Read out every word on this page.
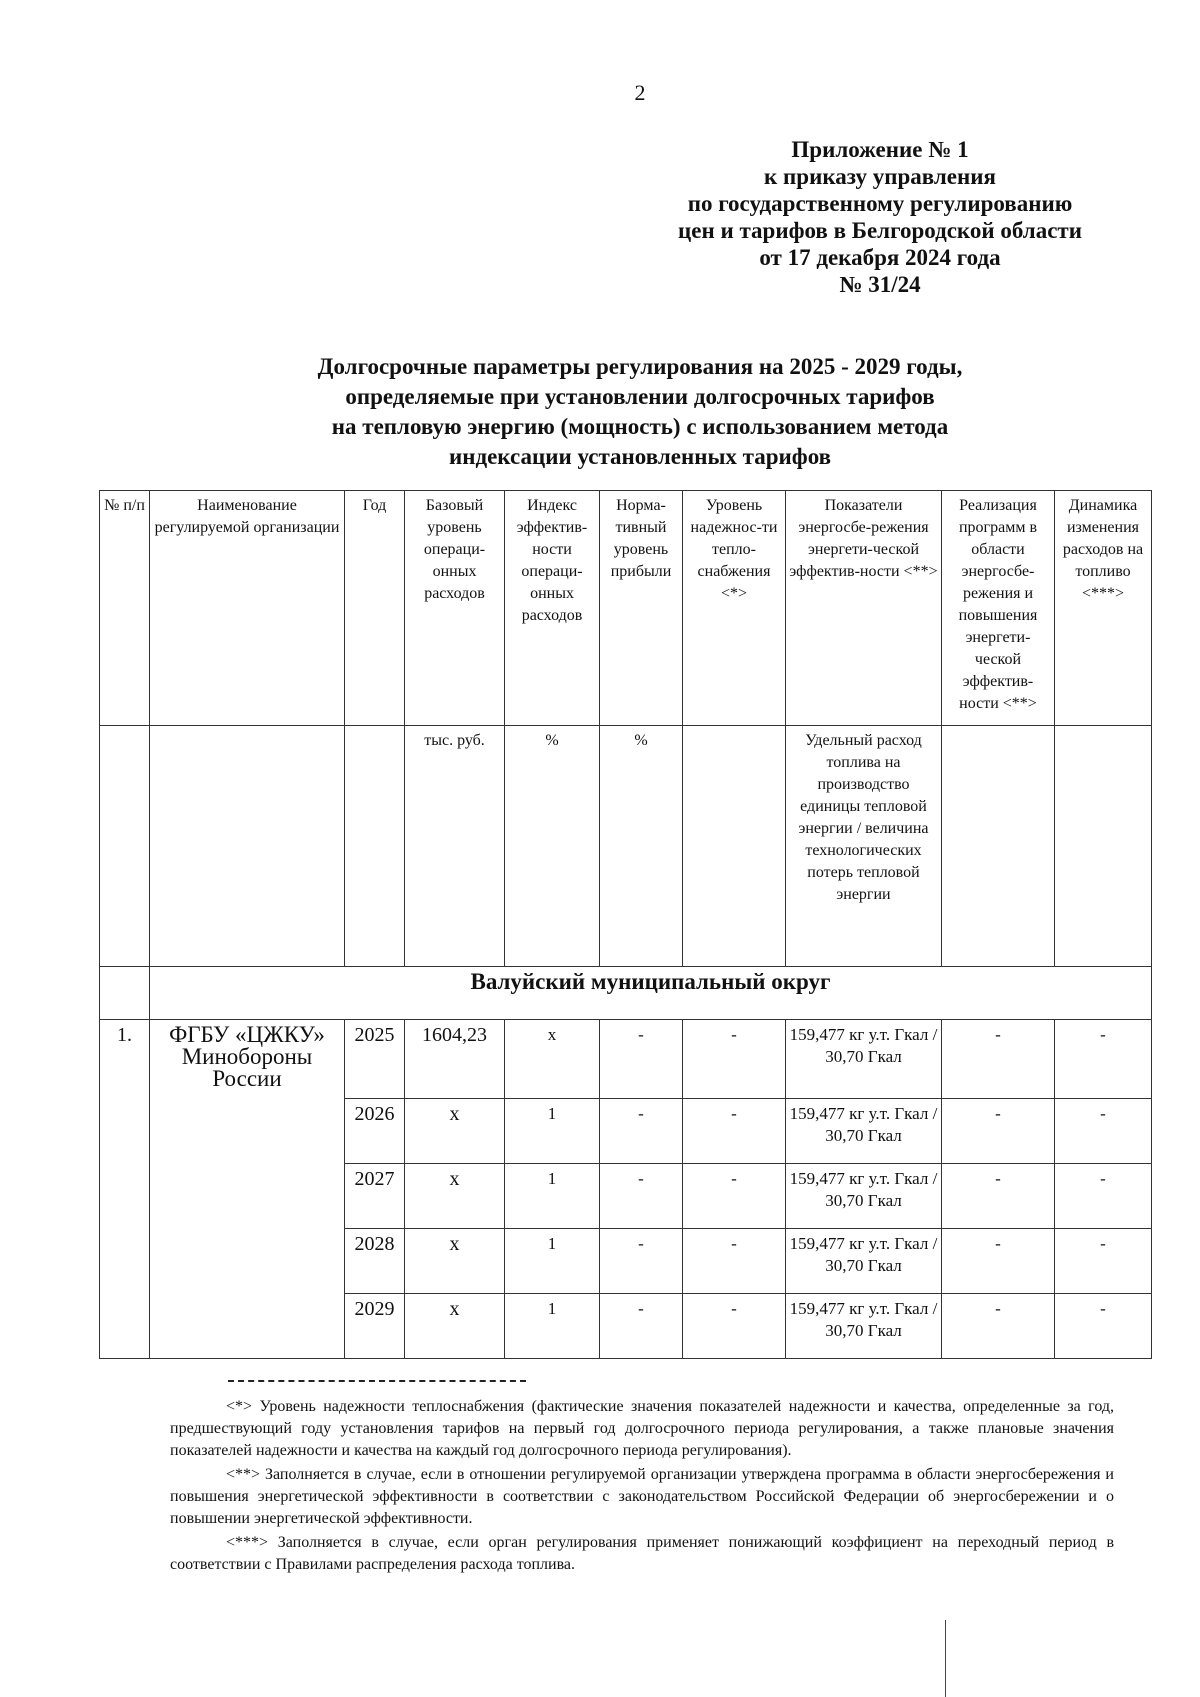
2
Приложение № 1
к приказу управления
по государственному регулированию
цен и тарифов в Белгородской области
от 17 декабря 2024 года
№ 31/24
Долгосрочные параметры регулирования на 2025 - 2029 годы,
определяемые при установлении долгосрочных тарифов
на тепловую энергию (мощность) с использованием метода
индексации установленных тарифов
№ п/п	Наименование регулируемой организации	Год	Базовый уровень операци-онных расходов	Индекс эффектив-ности операци-онных расходов	Норма-тивный уровень прибыли	Уровень надежнос-ти тепло-снабжения <*>	Показатели энергосбе-режения энергети-ческой эффектив-ности <**>	Реализация программ в области энергосбе-режения и повышения энергети-ческой эффектив-ности <**>	Динамика изменения расходов на топливо <***>
			тыс. руб.	%	%		Удельный расход топлива на производство единицы тепловой энергии / величина технологических потерь тепловой энергии		
	Валуйский муниципальный округ								
1.	ФГБУ «ЦЖКУ» Минобороны России	2025	1604,23	x	-	-	159,477 кг у.т. Гкал / 30,70 Гкал	-	-
		2026	x	1	-	-	159,477 кг у.т. Гкал / 30,70 Гкал	-	-
		2027	x	1	-	-	159,477 кг у.т. Гкал / 30,70 Гкал	-	-
		2028	x	1	-	-	159,477 кг у.т. Гкал / 30,70 Гкал	-	-
		2029	x	1	-	-	159,477 кг у.т. Гкал / 30,70 Гкал	-	-

<*> Уровень надежности теплоснабжения (фактические значения показателей надежности и качества, определенные за год, предшествующий году установления тарифов на первый год долгосрочного периода регулирования, а также плановые значения показателей надежности и качества на каждый год долгосрочного периода регулирования).

<**> Заполняется в случае, если в отношении регулируемой организации утверждена программа в области энергосбережения и повышения энергетической эффективности в соответствии с законодательством Российской Федерации об энергосбережении и о повышении энергетической эффективности.

<***> Заполняется в случае, если орган регулирования применяет понижающий коэффициент на переходный период в соответствии с Правилами распределения расхода топлива.
